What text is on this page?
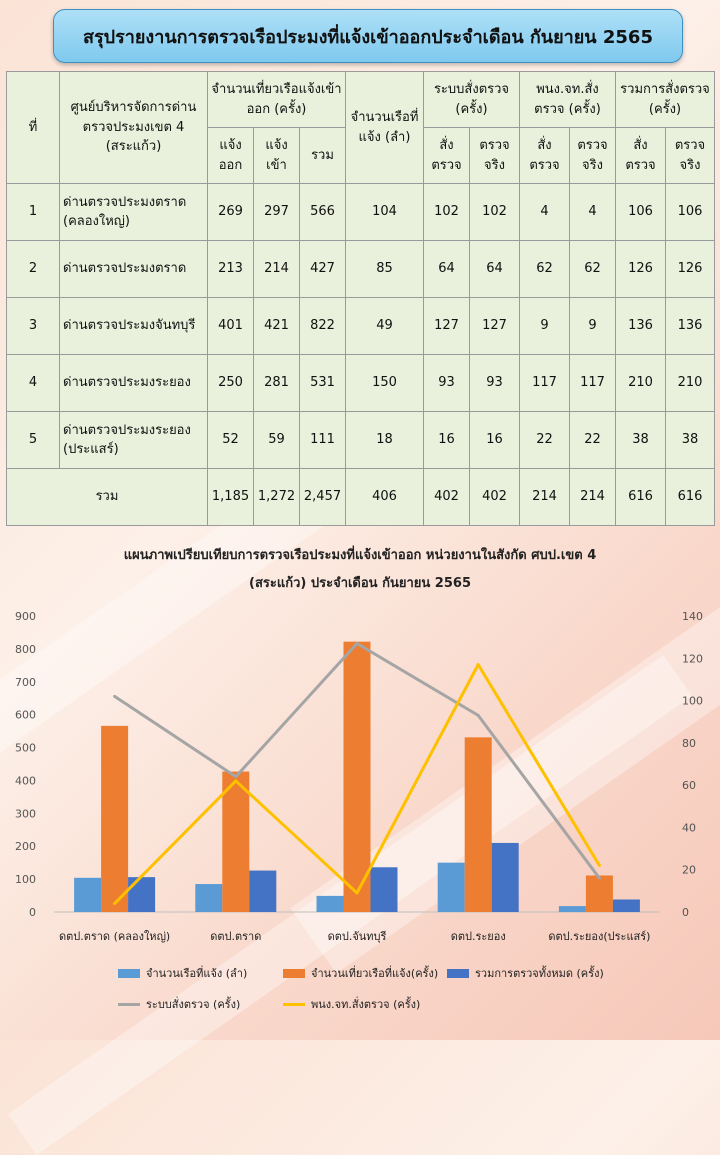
สรุปรายงานการตรวจเรือประมงที่แจ้งเข้าออกประจำเดือน กันยายน 2565
ที่	ศูนย์บริหารจัดการด่านตรวจประมงเขต 4 (สระแก้ว)	จำนวนเที่ยวเรือแจ้งเข้าออก (ครั้ง)			จำนวนเรือที่แจ้ง (ลำ)	ระบบสั่งตรวจ (ครั้ง)		พนง.จท.สั่งตรวจ (ครั้ง)		รวมการสั่งตรวจ (ครั้ง)	
		แจ้งออก	แจ้งเข้า	รวม		สั่งตรวจ	ตรวจจริง	สั่งตรวจ	ตรวจจริง	สั่งตรวจ	ตรวจจริง
1	ด่านตรวจประมงตราด (คลองใหญ่)	269	297	566	104	102	102	4	4	106	106
2	ด่านตรวจประมงตราด	213	214	427	85	64	64	62	62	126	126
3	ด่านตรวจประมงจันทบุรี	401	421	822	49	127	127	9	9	136	136
4	ด่านตรวจประมงระยอง	250	281	531	150	93	93	117	117	210	210
5	ด่านตรวจประมงระยอง (ประแสร์)	52	59	111	18	16	16	22	22	38	38
รวม		1,185	1,272	2,457	406	402	402	214	214	616	616
แผนภาพเปรียบเทียบการตรวจเรือประมงที่แจ้งเข้าออก หน่วยงานในสังกัด ศบป.เขต 4
(สระแก้ว) ประจำเดือน กันยายน 2565
0
100
200
300
400
500
600
700
800
900
0
20
40
60
80
100
120
140
ดตป.ตราด (คลองใหญ่)	ดตป.ตราด	ดตป.จันทบุรี	ดตป.ระยอง	ดตป.ระยอง(ประแสร์)
จำนวนเรือที่แจ้ง (ลำ)	จำนวนเที่ยวเรือที่แจ้ง(ครั้ง)	รวมการตรวจทั้งหมด (ครั้ง)
ระบบสั่งตรวจ (ครั้ง)	พนง.จท.สั่งตรวจ (ครั้ง)
